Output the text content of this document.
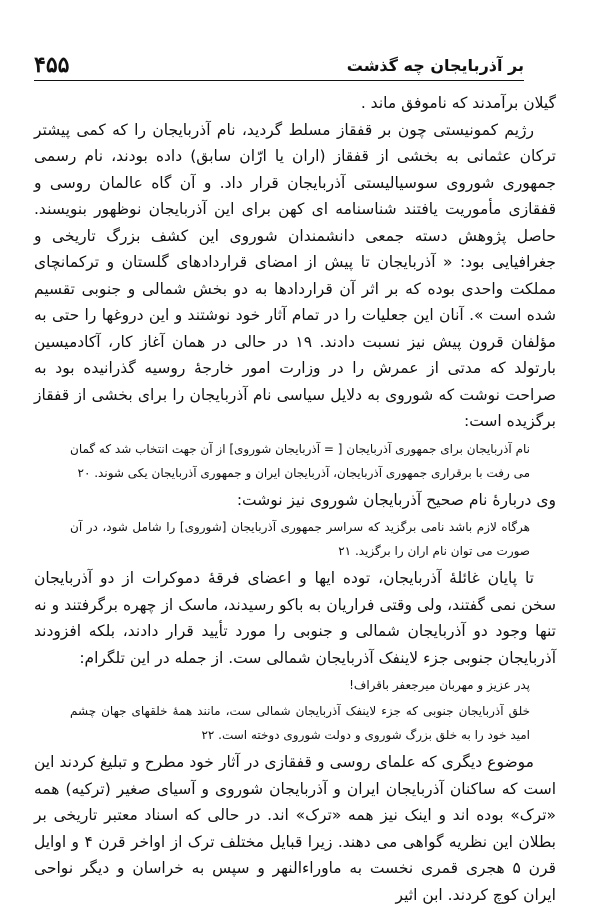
۴۵۵	بر آذربایجان چه گذشت

گیلان برآمدند که ناموفق ماند .

رژیم کمونیستی چون بر قفقاز مسلط گردید، نام آذربایجان را که کمی پیشتر ترکان عثمانی به بخشی از قفقاز (اران یا ارّان سابق) داده بودند، نام رسمی جمهوری شوروی سوسیالیستی آذربایجان قرار داد. و آن گاه عالمان روسی و قفقازی مأموریت یافتند شناسنامه ای کهن برای این آذربایجان نوظهور بنویسند. حاصل پژوهش دسته جمعی دانشمندان شوروی این کشف بزرگ تاریخی و جغرافیایی بود: « آذربایجان تا پیش از امضای قراردادهای گلستان و ترکمانچای مملکت واحدی بوده که بر اثر آن قراردادها به دو بخش شمالی و جنوبی تقسیم شده است ». آنان این جعلیات را در تمام آثار خود نوشتند و این دروغها را حتی به مؤلفان قرون پیش نیز نسبت دادند. ۱۹ در حالی در همان آغاز کار، آکادمیسین بارتولد که مدتی از عمرش را در وزارت امور خارجهٔ روسیه گذرانیده بود به صراحت نوشت که شوروی به دلایل سیاسی نام آذربایجان را برای بخشی از قفقاز برگزیده است:

نام آذربایجان برای جمهوری آذربایجان [ = آذربایجان شوروی] از آن جهت انتخاب شد که گمان می رفت با برقراری جمهوری آذربایجان، آذربایجان ایران و جمهوری آذربایجان یکی شوند. ۲۰

وی دربارهٔ نام صحیح آذربایجان شوروی نیز نوشت:

هرگاه لازم باشد نامی برگزید که سراسر جمهوری آذربایجان [شوروی] را شامل شود، در آن صورت می توان نام اران را برگزید. ۲۱

تا پایان غائلهٔ آذربایجان، توده ایها و اعضای فرقهٔ دموکرات از دو آذربایجان سخن نمی گفتند، ولی وقتی فراریان به باکو رسیدند، ماسک از چهره برگرفتند و نه تنها وجود دو آذربایجان شمالی و جنوبی را مورد تأیید قرار دادند، بلکه افزودند آذربایجان جنوبی جزء لاینفک آذربایجان شمالی ست. از جمله در این تلگرام:

پدر عزیز و مهربان میرجعفر باقراف!

خلق آذربایجان جنوبی که جزء لاینفک آذربایجان شمالی ست، مانند همهٔ خلقهای جهان چشم امید خود را به خلق بزرگ شوروی و دولت شوروی دوخته است. ۲۲

موضوع دیگری که علمای روسی و قفقازی در آثار خود مطرح و تبلیغ کردند این است که ساکنان آذربایجان ایران و آذربایجان شوروی و آسیای صغیر (ترکیه) همه «ترک» بوده اند و اینک نیز همه «ترک» اند. در حالی که اسناد معتبر تاریخی بر بطلان این نظریه گواهی می دهند. زیرا قبایل مختلف ترک از اواخر قرن ۴ و اوایل قرن ۵ هجری قمری نخست به ماوراءالنهر و سپس به خراسان و دیگر نواحی ایران کوچ کردند. ابن اثیر
